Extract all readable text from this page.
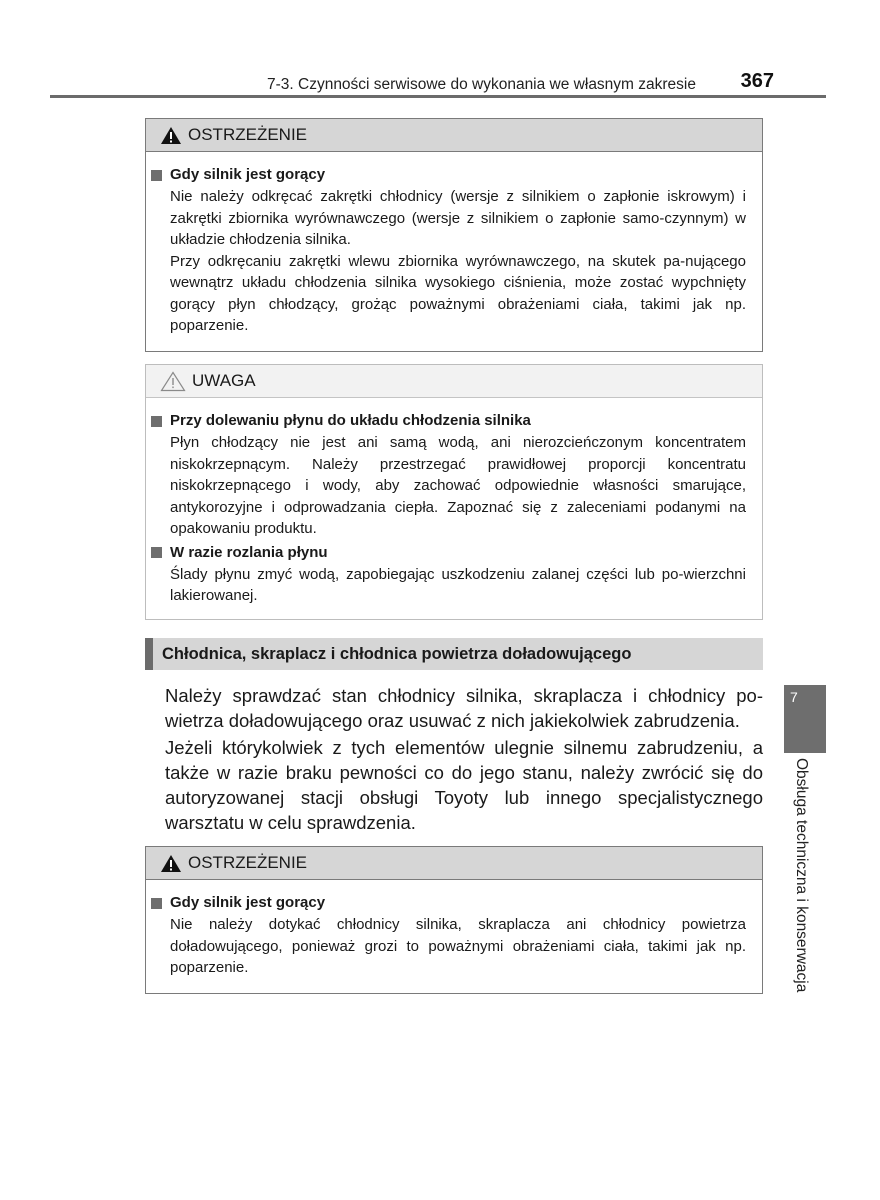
7-3. Czynności serwisowe do wykonania we własnym zakresie 367
OSTRZEŻENIE
Gdy silnik jest gorący

Nie należy odkręcać zakrętki chłodnicy (wersje z silnikiem o zapłonie iskrowym) i zakrętki zbiornika wyrównawczego (wersje z silnikiem o zapłonie samo-czynnym) w układzie chłodzenia silnika.

Przy odkręcaniu zakrętki wlewu zbiornika wyrównawczego, na skutek pa-nującego wewnątrz układu chłodzenia silnika wysokiego ciśnienia, może zostać wypchnięty gorący płyn chłodzący, grożąc poważnymi obrażeniami ciała, takimi jak np. poparzenie.

UWAGA
Przy dolewaniu płynu do układu chłodzenia silnika
Płyn chłodzący nie jest ani samą wodą, ani nierozcieńczonym koncentratem niskokrzepnącym. Należy przestrzegać prawidłowej proporcji koncentratu niskokrzepnącego i wody, aby zachować odpowiednie własności smarujące, antykorozyjne i odprowadzania ciepła. Zapoznać się z zaleceniami podanymi na opakowaniu produktu.
W razie rozlania płynu
Ślady płynu zmyć wodą, zapobiegając uszkodzeniu zalanej części lub po-wierzchni lakierowanej.
Chłodnica, skraplacz i chłodnica powietrza doładowującego
Należy sprawdzać stan chłodnicy silnika, skraplacza i chłodnicy po-wietrza doładowującego oraz usuwać z nich jakiekolwiek zabrudzenia.
Jeżeli którykolwiek z tych elementów ulegnie silnemu zabrudzeniu, a także w razie braku pewności co do jego stanu, należy zwrócić się do autoryzowanej stacji obsługi Toyoty lub innego specjalistycznego warsztatu w celu sprawdzenia.
OSTRZEŻENIE
Gdy silnik jest gorący
Nie należy dotykać chłodnicy silnika, skraplacza ani chłodnicy powietrza doładowującego, ponieważ grozi to poważnymi obrażeniami ciała, takimi jak np. poparzenie.
7
Obsługa techniczna i konserwacja
